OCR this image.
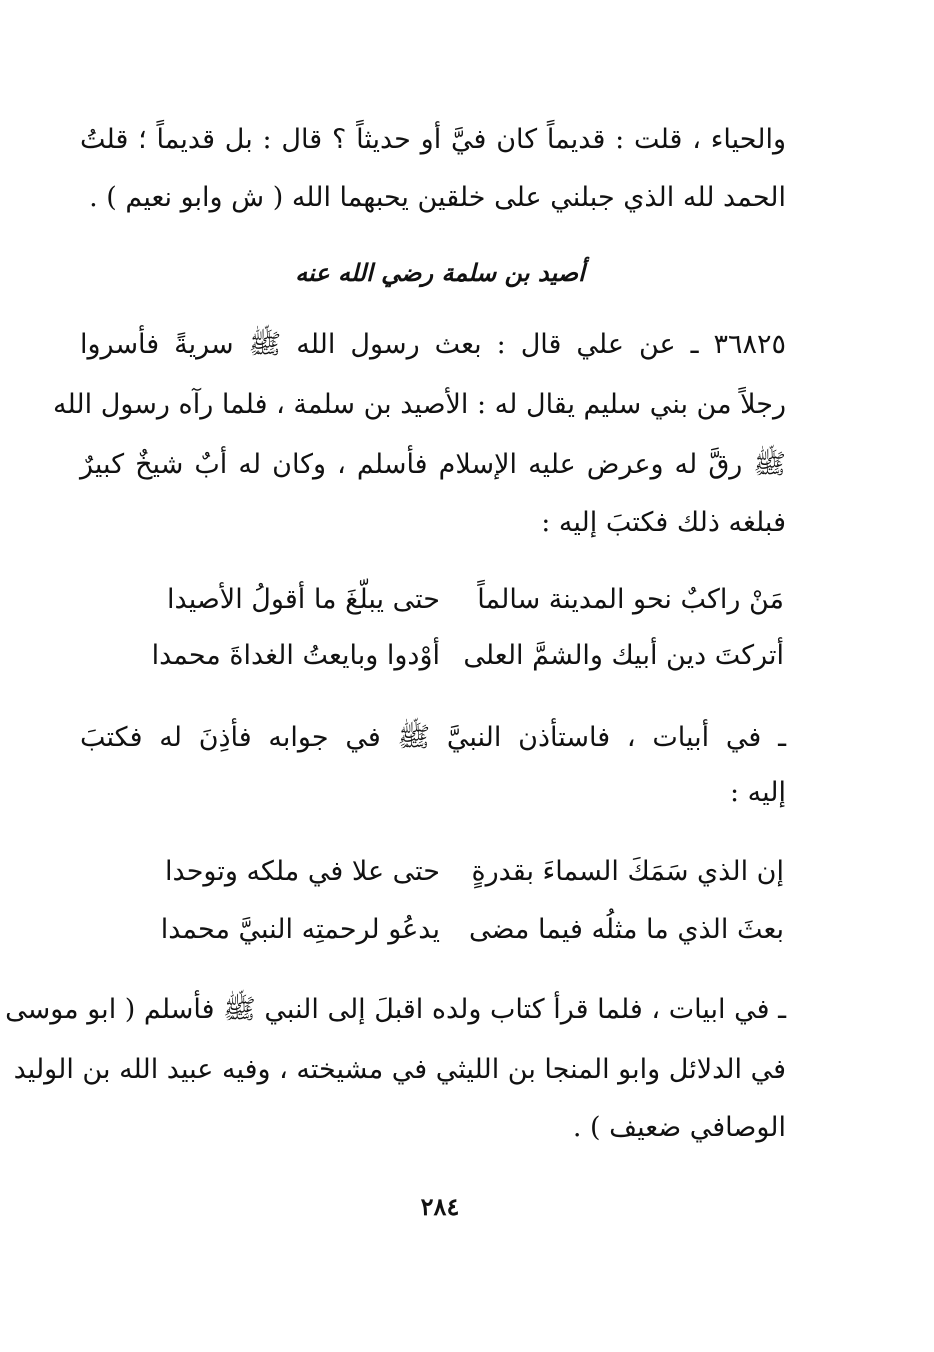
والحياء ، قلت : قديماً كان فيَّ أو حديثاً ؟ قال : بل قديماً ؛ قلتُ
الحمد لله الذي جبلني على خلقين يحبهما الله ( ش وابو نعيم ) .
أصيد بن سلمة رضي الله عنه
٣٦٨٢٥ ـ عن علي قال : بعث رسول الله ﷺ سريةً فأسروا
رجلاً من بني سليم يقال له : الأصيد بن سلمة ، فلما رآه رسول الله
ﷺ رقَّ له وعرض عليه الإسلام فأسلم ، وكان له أبٌ شيخٌ كبيرٌ
فبلغه ذلك فكتبَ إليه :
مَنْ راكبٌ نحو المدينة سالماً
حتى يبلّغَ ما أقولُ الأصيدا
أتركتَ دين أبيك والشمَّ العلى
أوْدوا وبايعتُ الغداةَ محمدا
ـ في أبيات ، فاستأذن النبيَّ ﷺ في جوابه فأذِنَ له فكتبَ
إليه :
إن الذي سَمَكَ السماءَ بقدرةٍ
حتى علا في ملكه وتوحدا
بعثَ الذي ما مثلُه فيما مضى
يدعُو لرحمتِه النبيَّ محمدا
ـ في ابيات ، فلما قرأ كتاب ولده اقبلَ إلى النبي ﷺ فأسلم ( ابو موسى
في الدلائل وابو المنجا بن الليثي في مشيخته ، وفيه عبيد الله بن الوليد
الوصافي ضعيف ) .
٢٨٤
